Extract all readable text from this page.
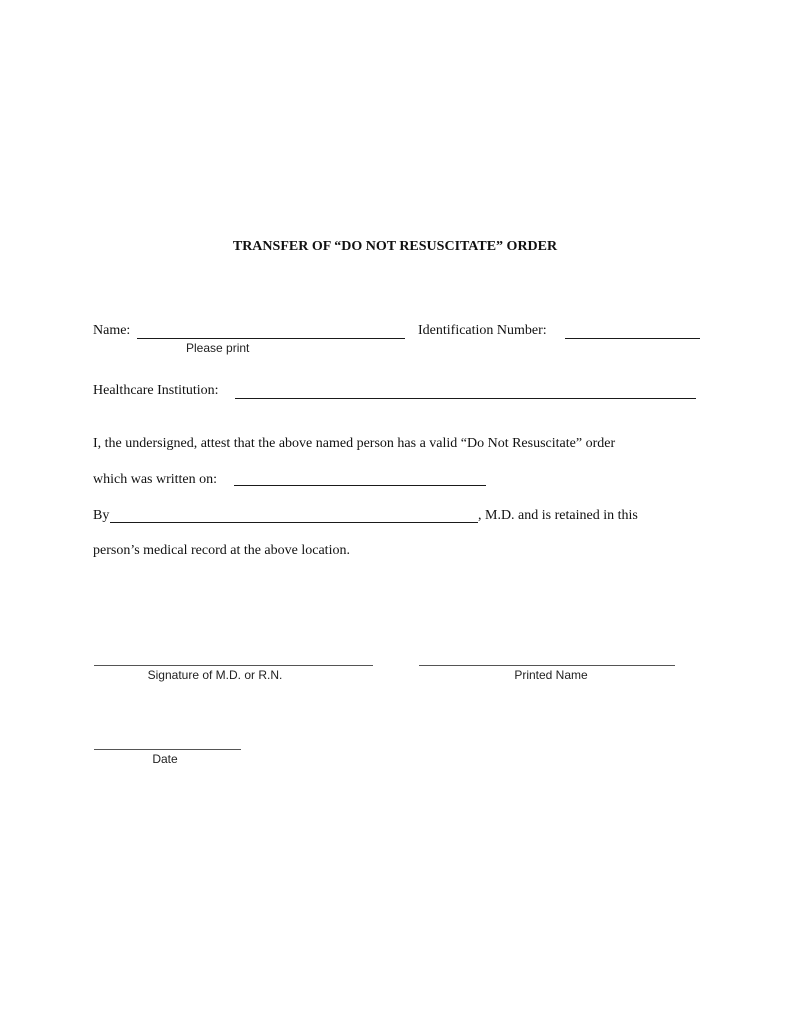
TRANSFER OF “DO NOT RESUSCITATE” ORDER
Name:
Please print
Identification Number:
Healthcare Institution:
I, the undersigned, attest that the above named person has a valid “Do Not Resuscitate” order
which was written on:
By	, M.D. and is retained in this
person’s medical record at the above location.
Signature of M.D. or R.N.	Printed Name
Date
